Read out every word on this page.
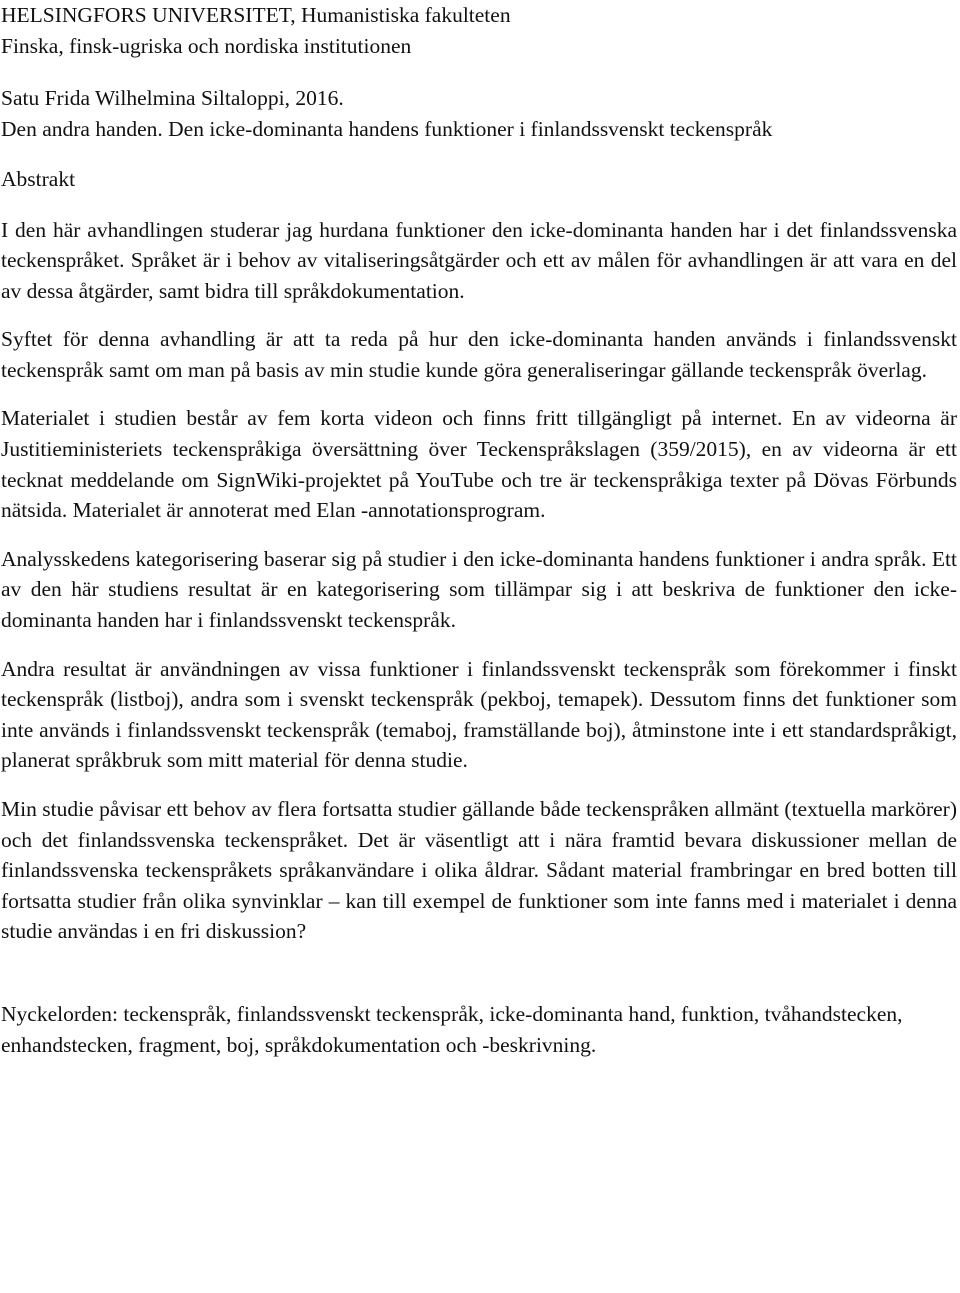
HELSINGFORS UNIVERSITET, Humanistiska fakulteten

Finska, finsk-ugriska och nordiska institutionen

Satu Frida Wilhelmina Siltaloppi, 2016.

Den andra handen. Den icke-dominanta handens funktioner i finlandssvenskt teckenspråk

Abstrakt

I den här avhandlingen studerar jag hurdana funktioner den icke-dominanta handen har i det finlandssvenska teckenspråket. Språket är i behov av vitaliseringsåtgärder och ett av målen för avhandlingen är att vara en del av dessa åtgärder, samt bidra till språkdokumentation.

Syftet för denna avhandling är att ta reda på hur den icke-dominanta handen används i finlandssvenskt teckenspråk samt om man på basis av min studie kunde göra generaliseringar gällande teckenspråk överlag.

Materialet i studien består av fem korta videon och finns fritt tillgängligt på internet. En av videorna är Justitieministeriets teckenspråkiga översättning över Teckenspråkslagen (359/2015), en av videorna är ett tecknat meddelande om SignWiki-projektet på YouTube och tre är teckenspråkiga texter på Dövas Förbunds nätsida. Materialet är annoterat med Elan -annotationsprogram.

Analysskedens kategorisering baserar sig på studier i den icke-dominanta handens funktioner i andra språk. Ett av den här studiens resultat är en kategorisering som tillämpar sig i att beskriva de funktioner den icke-dominanta handen har i finlandssvenskt teckenspråk.

Andra resultat är användningen av vissa funktioner i finlandssvenskt teckenspråk som förekommer i finskt teckenspråk (listboj), andra som i svenskt teckenspråk (pekboj, temapek). Dessutom finns det funktioner som inte används i finlandssvenskt teckenspråk (temaboj, framställande boj), åtminstone inte i ett standardspråkigt, planerat språkbruk som mitt material för denna studie.

Min studie påvisar ett behov av flera fortsatta studier gällande både teckenspråken allmänt (textuella markörer) och det finlandssvenska teckenspråket. Det är väsentligt att i nära framtid bevara diskussioner mellan de finlandssvenska teckenspråkets språkanvändare i olika åldrar. Sådant material frambringar en bred botten till fortsatta studier från olika synvinklar – kan till exempel de funktioner som inte fanns med i materialet i denna studie användas i en fri diskussion?

Nyckelorden: teckenspråk, finlandssvenskt teckenspråk, icke-dominanta hand, funktion, tvåhandstecken, enhandstecken, fragment, boj, språkdokumentation och -beskrivning.
